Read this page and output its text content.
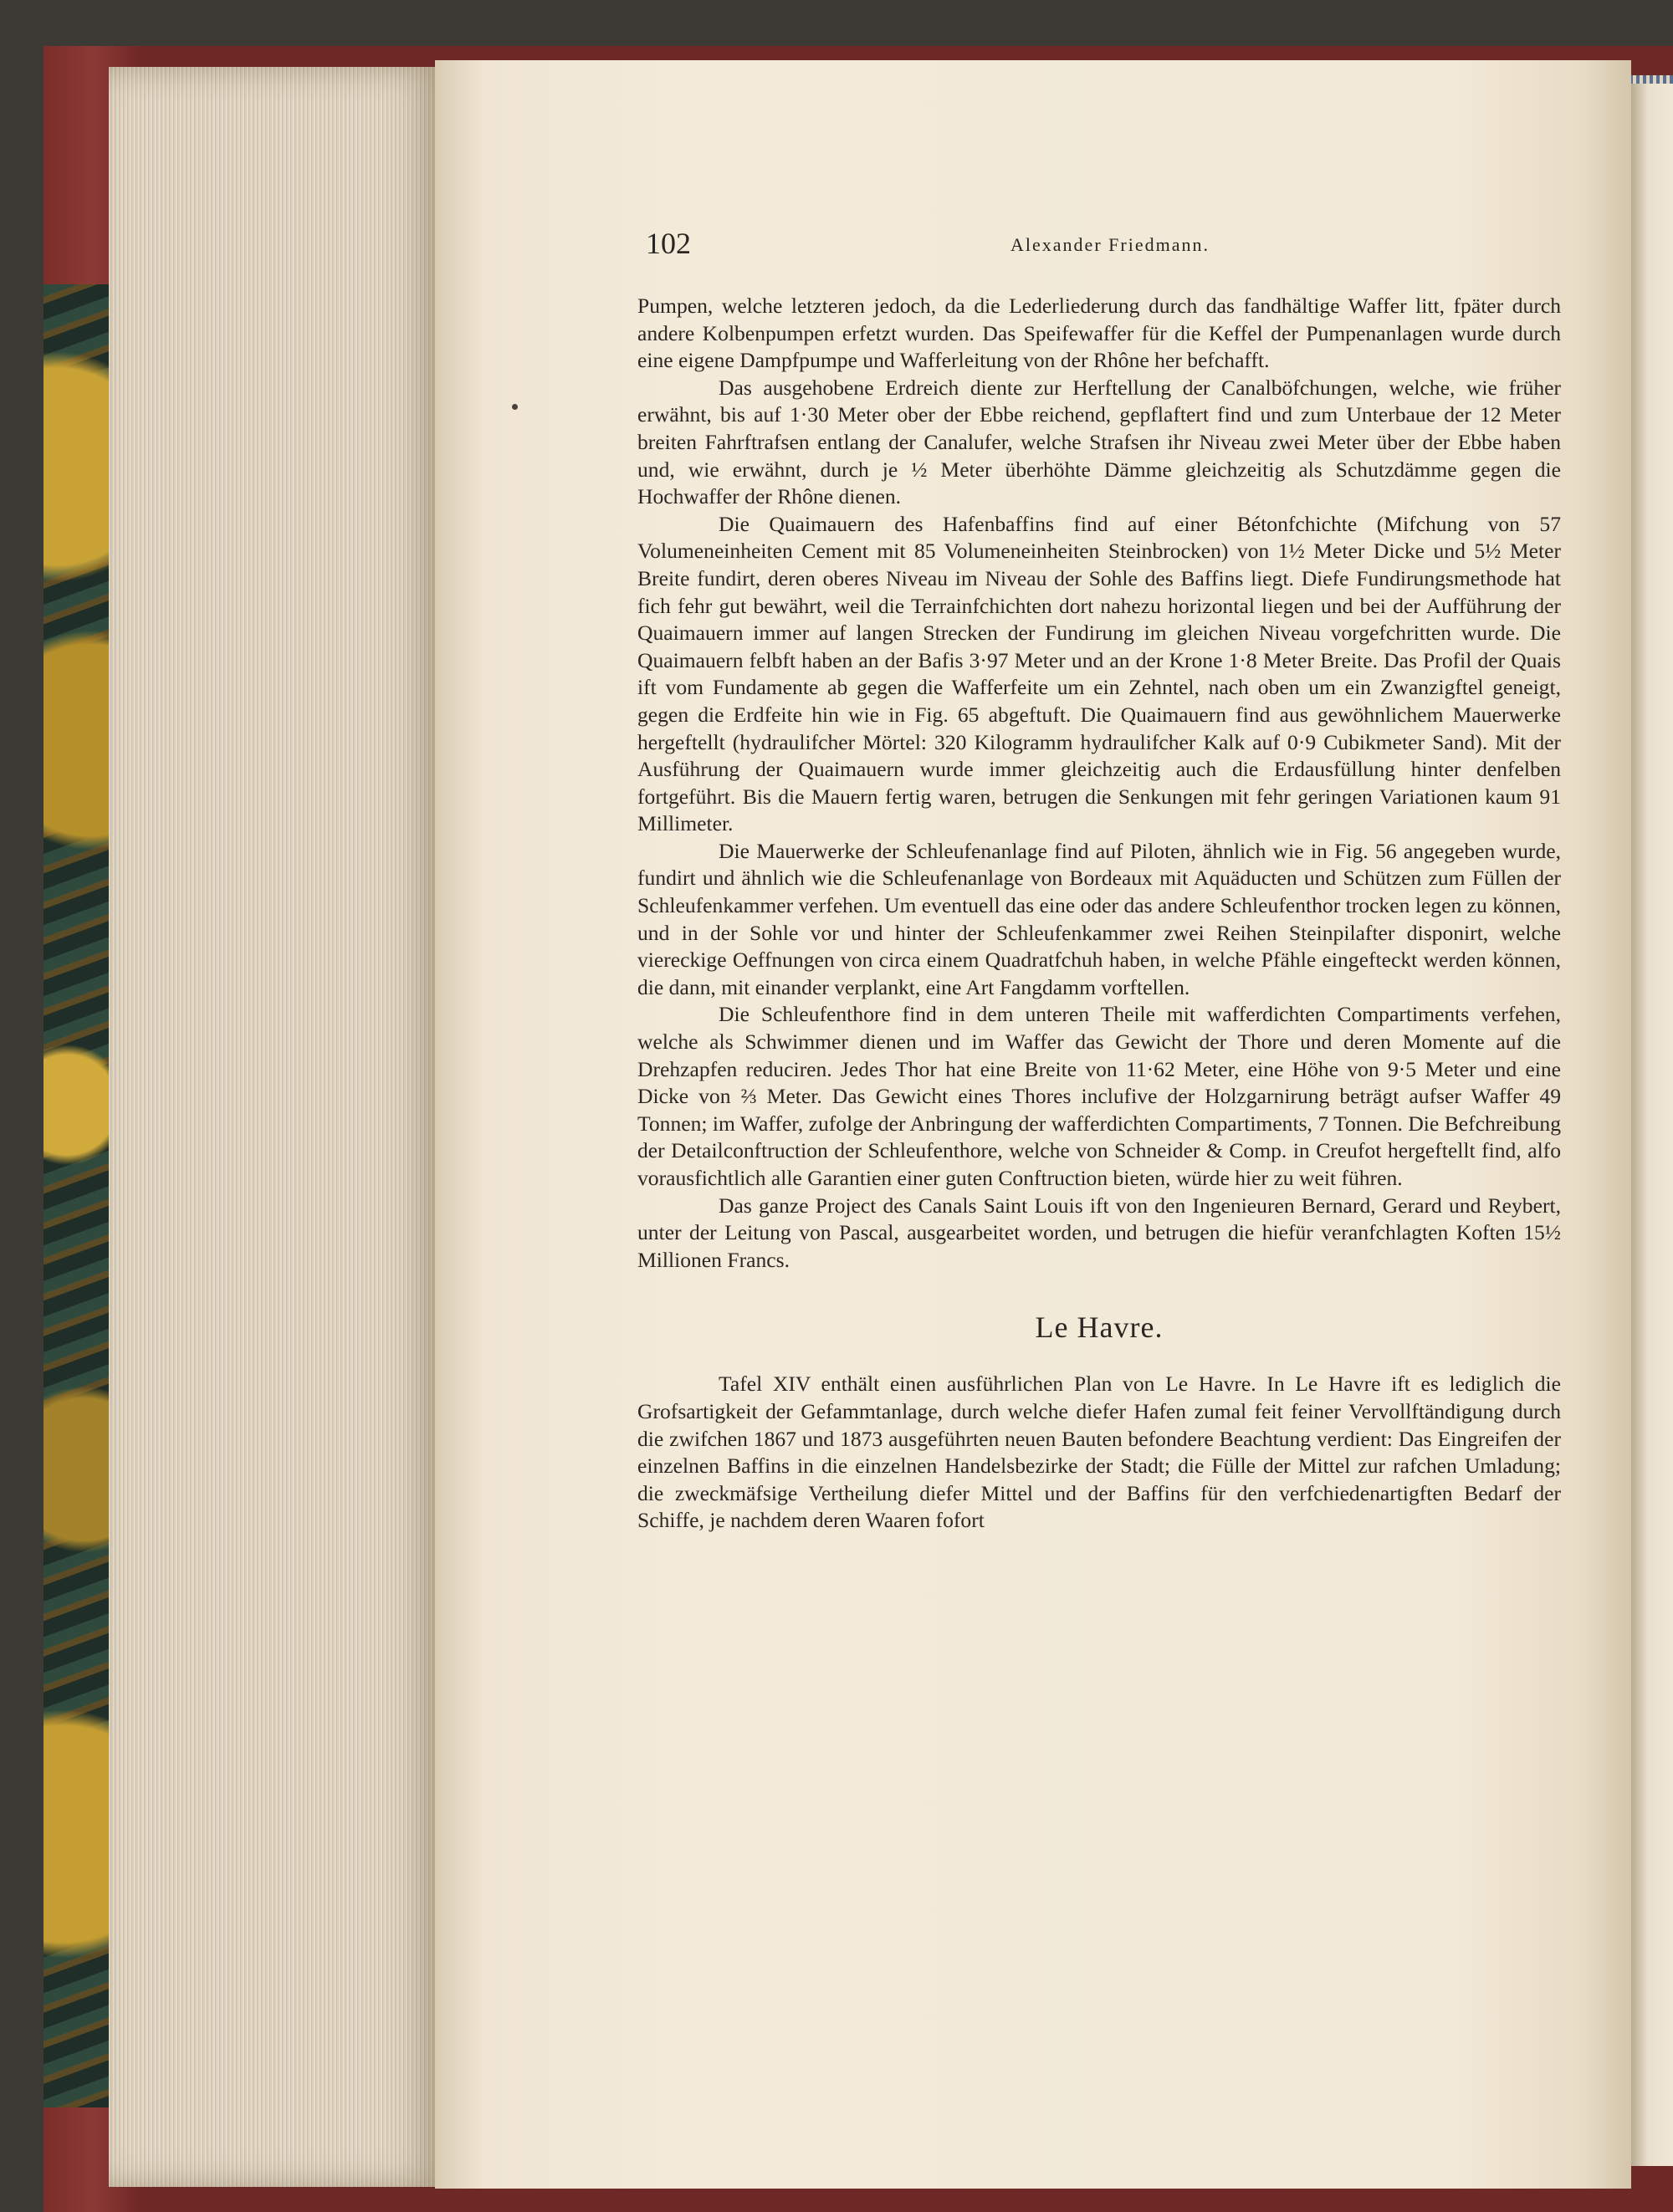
102	Alexander Friedmann.

Pumpen, welche letzteren jedoch, da die Lederliederung durch das fandhältige Waffer litt, fpäter durch andere Kolbenpumpen erfetzt wurden. Das Speifewaffer für die Keffel der Pumpenanlagen wurde durch eine eigene Dampfpumpe und Wafferleitung von der Rhône her befchafft.

Das ausgehobene Erdreich diente zur Herftellung der Canalböfchungen, welche, wie früher erwähnt, bis auf 1·30 Meter ober der Ebbe reichend, gepflaftert find und zum Unterbaue der 12 Meter breiten Fahrftrafsen entlang der Canalufer, welche Strafsen ihr Niveau zwei Meter über der Ebbe haben und, wie erwähnt, durch je ½ Meter überhöhte Dämme gleichzeitig als Schutzdämme gegen die Hochwaffer der Rhône dienen.

Die Quaimauern des Hafenbaffins find auf einer Bétonfchichte (Mifchung von 57 Volumeneinheiten Cement mit 85 Volumeneinheiten Steinbrocken) von 1½ Meter Dicke und 5½ Meter Breite fundirt, deren oberes Niveau im Niveau der Sohle des Baffins liegt. Diefe Fundirungsmethode hat fich fehr gut bewährt, weil die Terrainfchichten dort nahezu horizontal liegen und bei der Aufführung der Quaimauern immer auf langen Strecken der Fundirung im gleichen Niveau vorgefchritten wurde. Die Quaimauern felbft haben an der Bafis 3·97 Meter und an der Krone 1·8 Meter Breite. Das Profil der Quais ift vom Fundamente ab gegen die Wafferfeite um ein Zehntel, nach oben um ein Zwanzigftel geneigt, gegen die Erdfeite hin wie in Fig. 65 abgeftuft. Die Quaimauern find aus gewöhnlichem Mauerwerke hergeftellt (hydraulifcher Mörtel: 320 Kilogramm hydraulifcher Kalk auf 0·9 Cubikmeter Sand). Mit der Ausführung der Quaimauern wurde immer gleichzeitig auch die Erdausfüllung hinter denfelben fortgeführt. Bis die Mauern fertig waren, betrugen die Senkungen mit fehr geringen Variationen kaum 91 Millimeter.

Die Mauerwerke der Schleufenanlage find auf Piloten, ähnlich wie in Fig. 56 angegeben wurde, fundirt und ähnlich wie die Schleufenanlage von Bordeaux mit Aquäducten und Schützen zum Füllen der Schleufenkammer verfehen. Um eventuell das eine oder das andere Schleufenthor trocken legen zu können, und in der Sohle vor und hinter der Schleufenkammer zwei Reihen Steinpilafter disponirt, welche viereckige Oeffnungen von circa einem Quadratfchuh haben, in welche Pfähle eingefteckt werden können, die dann, mit einander verplankt, eine Art Fangdamm vorftellen.

Die Schleufenthore find in dem unteren Theile mit wafferdichten Compartiments verfehen, welche als Schwimmer dienen und im Waffer das Gewicht der Thore und deren Momente auf die Drehzapfen reduciren. Jedes Thor hat eine Breite von 11·62 Meter, eine Höhe von 9·5 Meter und eine Dicke von ⅔ Meter. Das Gewicht eines Thores inclufive der Holzgarnirung beträgt aufser Waffer 49 Tonnen; im Waffer, zufolge der Anbringung der wafferdichten Compartiments, 7 Tonnen. Die Befchreibung der Detailconftruction der Schleufenthore, welche von Schneider & Comp. in Creufot hergeftellt find, alfo vorausfichtlich alle Garantien einer guten Conftruction bieten, würde hier zu weit führen.

Das ganze Project des Canals Saint Louis ift von den Ingenieuren Bernard, Gerard und Reybert, unter der Leitung von Pascal, ausgearbeitet worden, und betrugen die hiefür veranfchlagten Koften 15½ Millionen Francs.

Le Havre.

Tafel XIV enthält einen ausführlichen Plan von Le Havre. In Le Havre ift es lediglich die Grofsartigkeit der Gefammtanlage, durch welche diefer Hafen zumal feit feiner Vervollftändigung durch die zwifchen 1867 und 1873 ausgeführten neuen Bauten befondere Beachtung verdient: Das Eingreifen der einzelnen Baffins in die einzelnen Handelsbezirke der Stadt; die Fülle der Mittel zur rafchen Umladung; die zweckmäfsige Vertheilung diefer Mittel und der Baffins für den verfchiedenartigften Bedarf der Schiffe, je nachdem deren Waaren fofort
